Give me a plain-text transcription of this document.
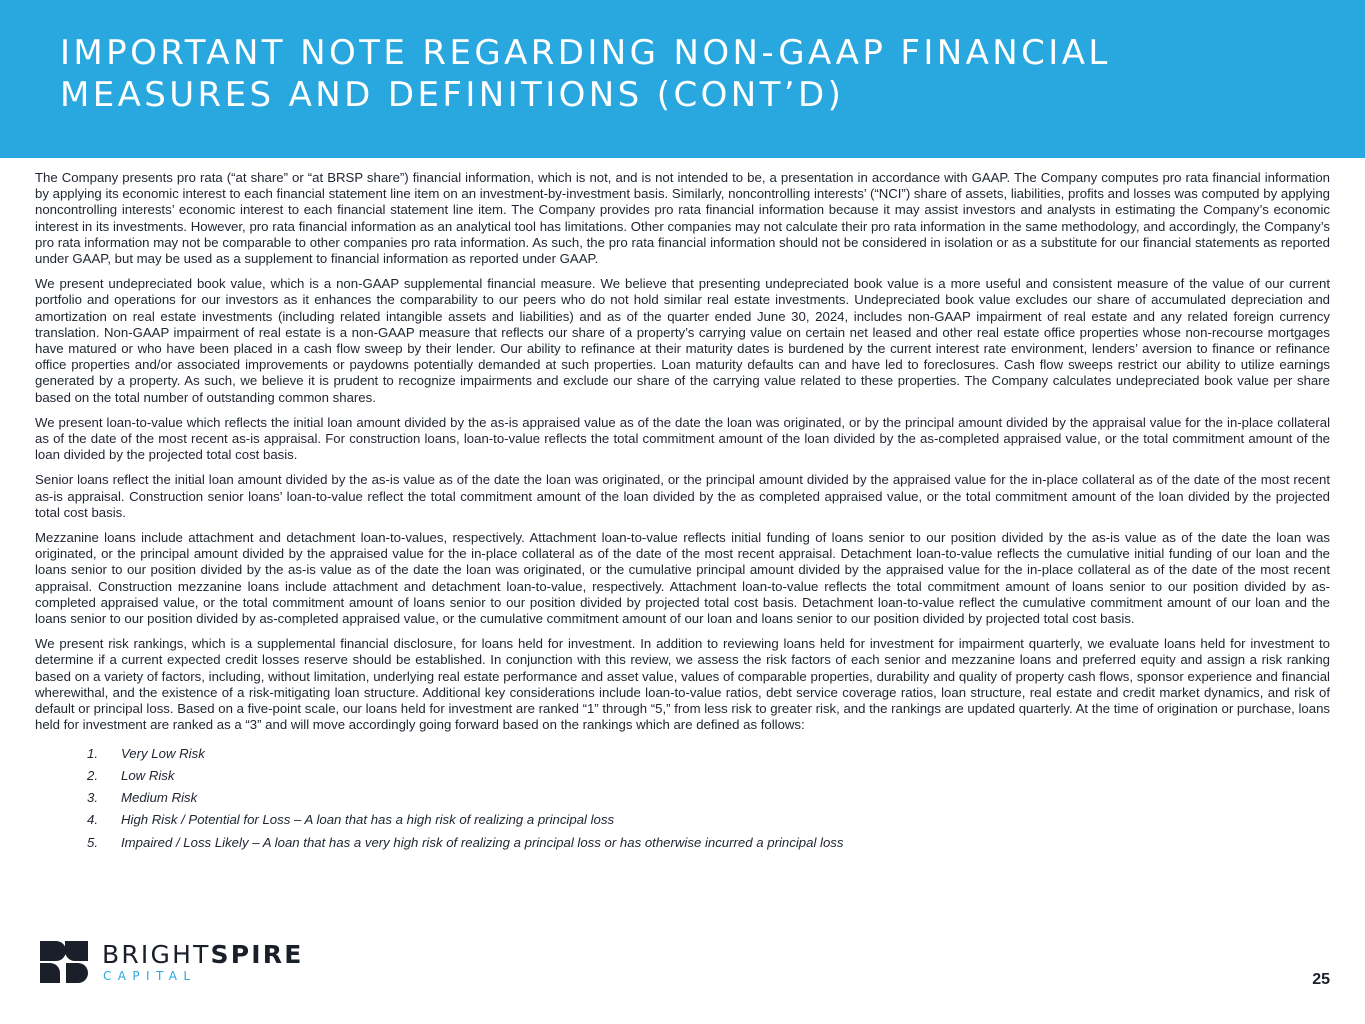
IMPORTANT NOTE REGARDING NON-GAAP FINANCIAL MEASURES AND DEFINITIONS (CONT’D)

The Company presents pro rata (“at share” or “at BRSP share”) financial information, which is not, and is not intended to be, a presentation in accordance with GAAP. The Company computes pro rata financial information by applying its economic interest to each financial statement line item on an investment-by-investment basis. Similarly, noncontrolling interests’ (“NCI”) share of assets, liabilities, profits and losses was computed by applying noncontrolling interests’ economic interest to each financial statement line item. The Company provides pro rata financial information because it may assist investors and analysts in estimating the Company’s economic interest in its investments. However, pro rata financial information as an analytical tool has limitations. Other companies may not calculate their pro rata information in the same methodology, and accordingly, the Company’s pro rata information may not be comparable to other companies pro rata information. As such, the pro rata financial information should not be considered in isolation or as a substitute for our financial statements as reported under GAAP, but may be used as a supplement to financial information as reported under GAAP.

We present undepreciated book value, which is a non-GAAP supplemental financial measure. We believe that presenting undepreciated book value is a more useful and consistent measure of the value of our current portfolio and operations for our investors as it enhances the comparability to our peers who do not hold similar real estate investments. Undepreciated book value excludes our share of accumulated depreciation and amortization on real estate investments (including related intangible assets and liabilities) and as of the quarter ended June 30, 2024, includes non-GAAP impairment of real estate and any related foreign currency translation. Non-GAAP impairment of real estate is a non-GAAP measure that reflects our share of a property’s carrying value on certain net leased and other real estate office properties whose non-recourse mortgages have matured or who have been placed in a cash flow sweep by their lender. Our ability to refinance at their maturity dates is burdened by the current interest rate environment, lenders’ aversion to finance or refinance office properties and/or associated improvements or paydowns potentially demanded at such properties. Loan maturity defaults can and have led to foreclosures. Cash flow sweeps restrict our ability to utilize earnings generated by a property. As such, we believe it is prudent to recognize impairments and exclude our share of the carrying value related to these properties. The Company calculates undepreciated book value per share based on the total number of outstanding common shares.

We present loan-to-value which reflects the initial loan amount divided by the as-is appraised value as of the date the loan was originated, or by the principal amount divided by the appraisal value for the in-place collateral as of the date of the most recent as-is appraisal. For construction loans, loan-to-value reflects the total commitment amount of the loan divided by the as-completed appraised value, or the total commitment amount of the loan divided by the projected total cost basis.

Senior loans reflect the initial loan amount divided by the as-is value as of the date the loan was originated, or the principal amount divided by the appraised value for the in-place collateral as of the date of the most recent as-is appraisal. Construction senior loans’ loan-to-value reflect the total commitment amount of the loan divided by the as completed appraised value, or the total commitment amount of the loan divided by the projected total cost basis.

Mezzanine loans include attachment and detachment loan-to-values, respectively. Attachment loan-to-value reflects initial funding of loans senior to our position divided by the as-is value as of the date the loan was originated, or the principal amount divided by the appraised value for the in-place collateral as of the date of the most recent appraisal. Detachment loan-to-value reflects the cumulative initial funding of our loan and the loans senior to our position divided by the as-is value as of the date the loan was originated, or the cumulative principal amount divided by the appraised value for the in-place collateral as of the date of the most recent appraisal. Construction mezzanine loans include attachment and detachment loan-to-value, respectively. Attachment loan-to-value reflects the total commitment amount of loans senior to our position divided by as-completed appraised value, or the total commitment amount of loans senior to our position divided by projected total cost basis. Detachment loan-to-value reflect the cumulative commitment amount of our loan and the loans senior to our position divided by as-completed appraised value, or the cumulative commitment amount of our loan and loans senior to our position divided by projected total cost basis.

We present risk rankings, which is a supplemental financial disclosure, for loans held for investment. In addition to reviewing loans held for investment for impairment quarterly, we evaluate loans held for investment to determine if a current expected credit losses reserve should be established. In conjunction with this review, we assess the risk factors of each senior and mezzanine loans and preferred equity and assign a risk ranking based on a variety of factors, including, without limitation, underlying real estate performance and asset value, values of comparable properties, durability and quality of property cash flows, sponsor experience and financial wherewithal, and the existence of a risk-mitigating loan structure. Additional key considerations include loan-to-value ratios, debt service coverage ratios, loan structure, real estate and credit market dynamics, and risk of default or principal loss. Based on a five-point scale, our loans held for investment are ranked “1” through “5,” from less risk to greater risk, and the rankings are updated quarterly. At the time of origination or purchase, loans held for investment are ranked as a “3” and will move accordingly going forward based on the rankings which are defined as follows:

1.	Very Low Risk
2.	Low Risk
3.	Medium Risk
4.	High Risk / Potential for Loss – A loan that has a high risk of realizing a principal loss
5.	Impaired / Loss Likely – A loan that has a very high risk of realizing a principal loss or has otherwise incurred a principal loss
BRIGHTSPIRE
CAPITAL	25
